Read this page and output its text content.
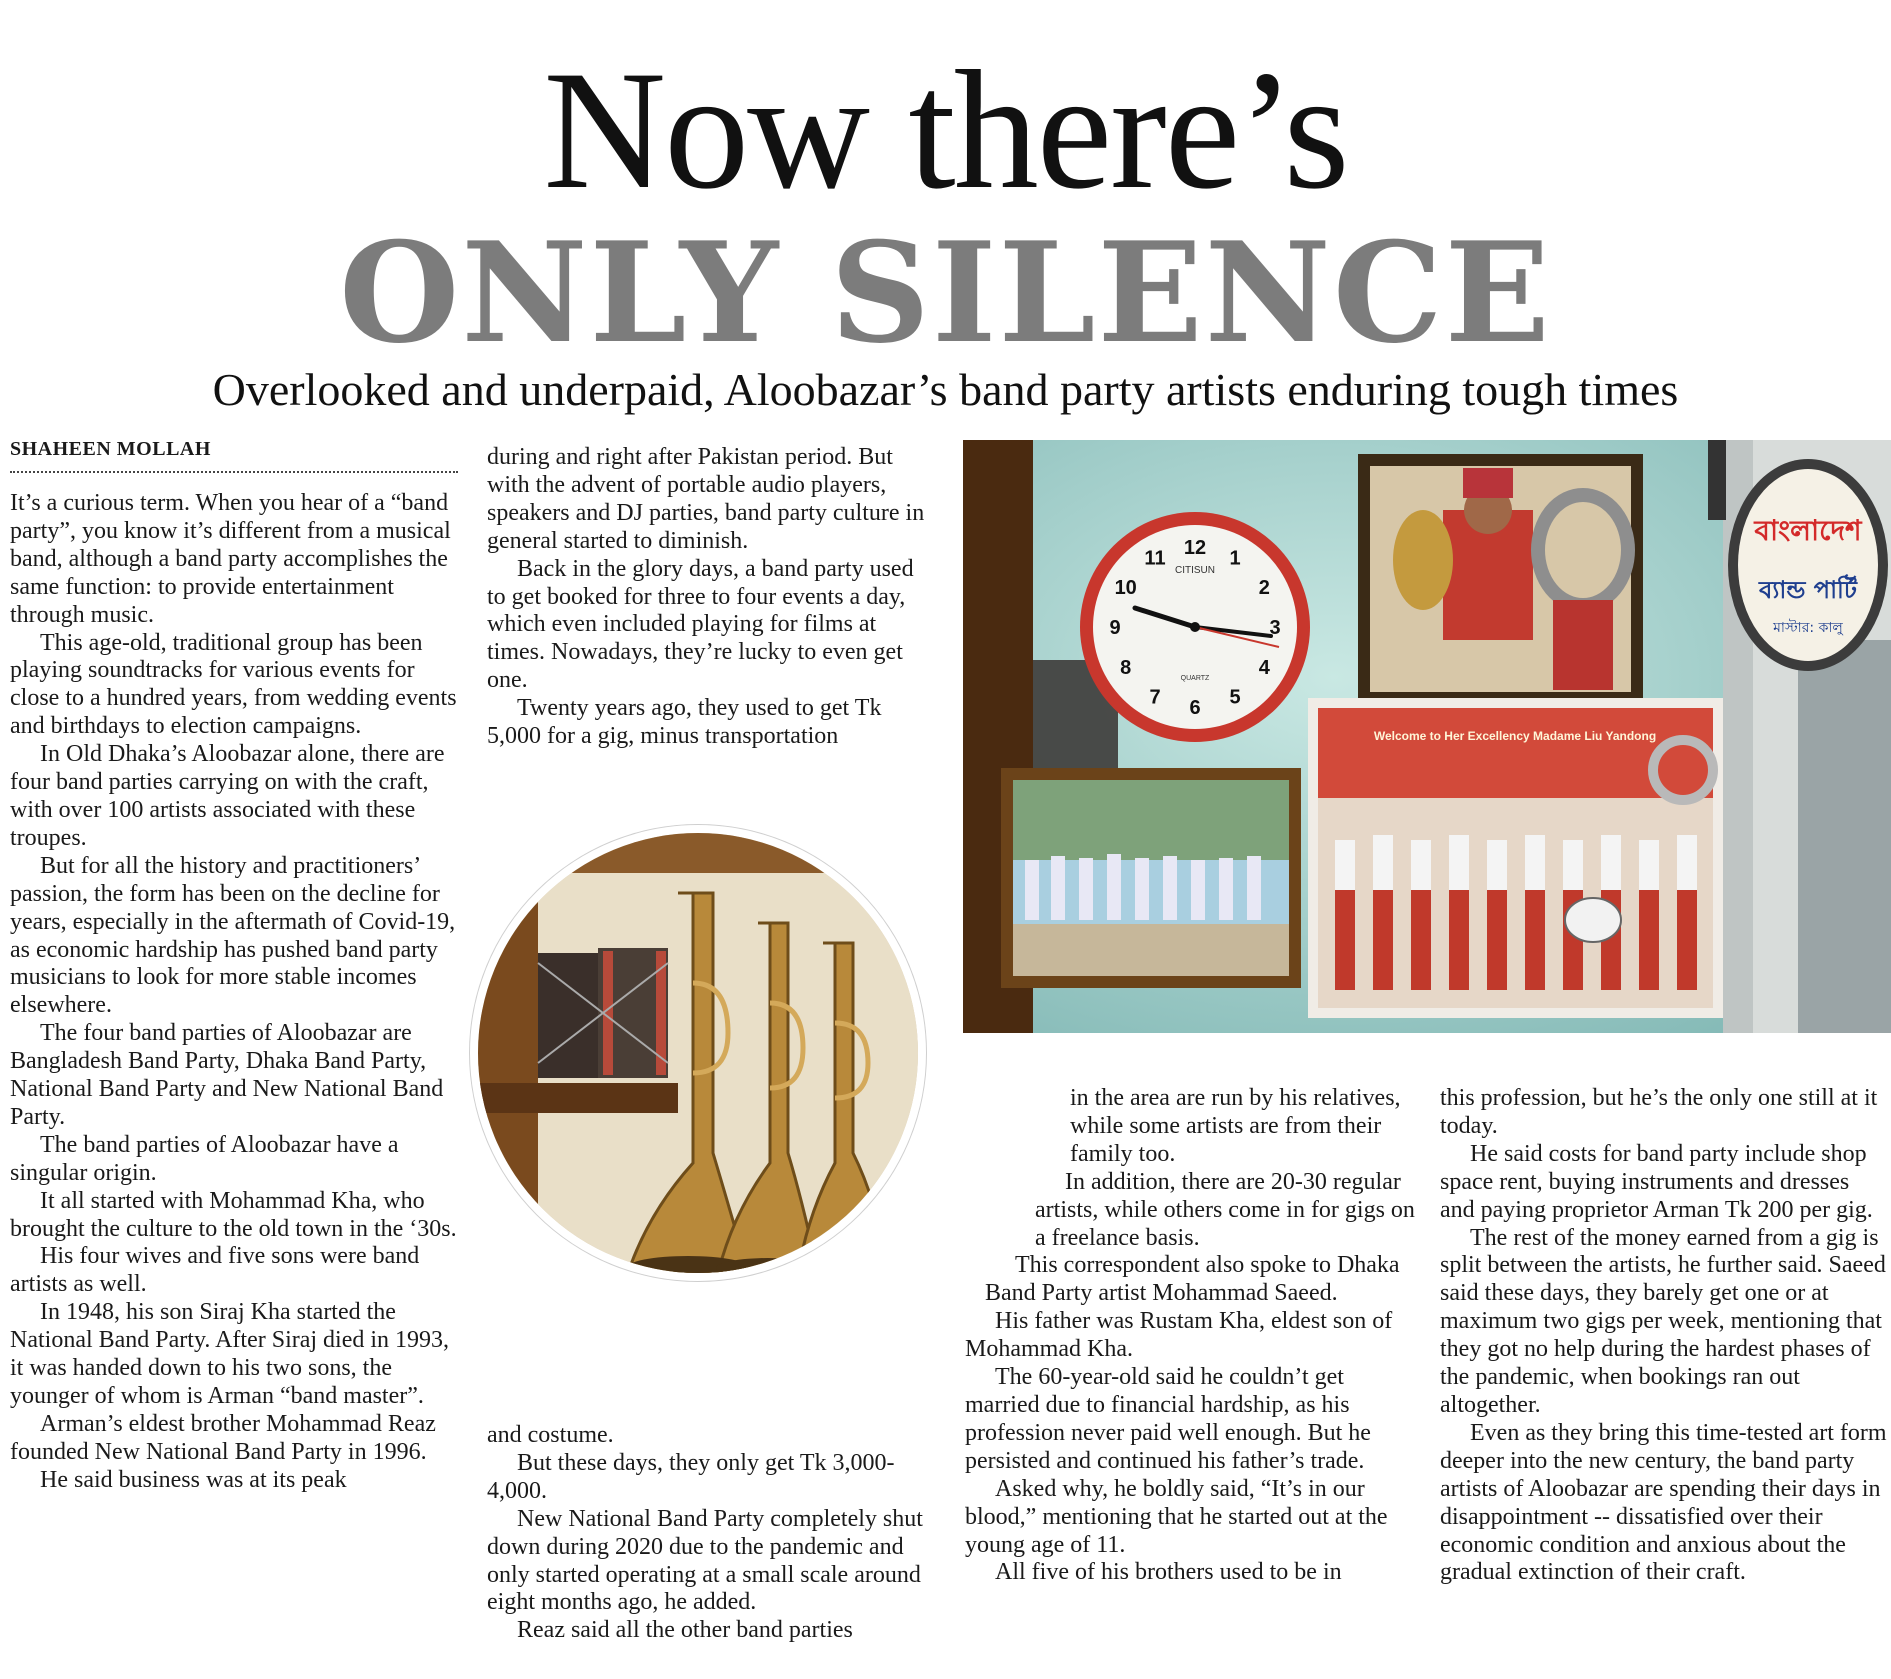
Now there’s
ONLY SILENCE
Overlooked and underpaid, Aloobazar’s band party artists enduring tough times
SHAHEEN MOLLAH

It’s a curious term. When you hear of a “band party”, you know it’s different from a musical band, although a band party accomplishes the same function: to provide entertainment through music.

This age-old, traditional group has been playing soundtracks for various events for close to a hundred years, from wedding events and birthdays to election campaigns.

In Old Dhaka’s Aloobazar alone, there are four band parties carrying on with the craft, with over 100 artists associated with these troupes.

But for all the history and practitioners’ passion, the form has been on the decline for years, especially in the aftermath of Covid-19, as economic hardship has pushed band party musicians to look for more stable incomes elsewhere.

The four band parties of Aloobazar are Bangladesh Band Party, Dhaka Band Party, National Band Party and New National Band Party.

The band parties of Aloobazar have a singular origin.

It all started with Mohammad Kha, who brought the culture to the old town in the ‘30s.

His four wives and five sons were band artists as well.

In 1948, his son Siraj Kha started the National Band Party. After Siraj died in 1993, it was handed down to his two sons, the younger of whom is Arman “band master”.

Arman’s eldest brother Mohammad Reaz founded New National Band Party in 1996.

He said business was at its peak

during and right after Pakistan period. But with the advent of portable audio players, speakers and DJ parties, band party culture in general started to diminish.

Back in the glory days, a band party used to get booked for three to four events a day, which even included playing for films at times. Nowadays, they’re lucky to even get one.

Twenty years ago, they used to get Tk 5,000 for a gig, minus transportation

and costume.

But these days, they only get Tk 3,000-4,000.

New National Band Party completely shut down during 2020 due to the pandemic and only started operating at a small scale around eight months ago, he added.

Reaz said all the other band parties

in the area are run by his relatives, while some artists are from their family too.

In addition, there are 20-30 regular artists, while others come in for gigs on a freelance basis.

This correspondent also spoke to Dhaka Band Party artist Mohammad Saeed.

His father was Rustam Kha, eldest son of Mohammad Kha.

The 60-year-old said he couldn’t get married due to financial hardship, as his profession never paid well enough. But he persisted and continued his father’s trade.

Asked why, he boldly said, “It’s in our blood,” mentioning that he started out at the young age of 11.

All five of his brothers used to be in

this profession, but he’s the only one still at it today.

He said costs for band party include shop space rent, buying instruments and dresses and paying proprietor Arman Tk 200 per gig.

The rest of the money earned from a gig is split between the artists, he further said. Saeed said these days, they barely get one or at maximum two gigs per week, mentioning that they got no help during the hardest phases of the pandemic, when bookings ran out altogether.

Even as they bring this time-tested art form deeper into the new century, the band party artists of Aloobazar are spending their days in disappointment -- dissatisfied over their economic condition and anxious about the gradual extinction of their craft.

CITISUN
QUARTZ
12 1
2
3
4
5
6
7
8
9
10
11
Welcome to Her Excellency Madame Liu Yandong
বাংলাদেশ
ব্যান্ড পার্টি
মাস্টার: কালু
